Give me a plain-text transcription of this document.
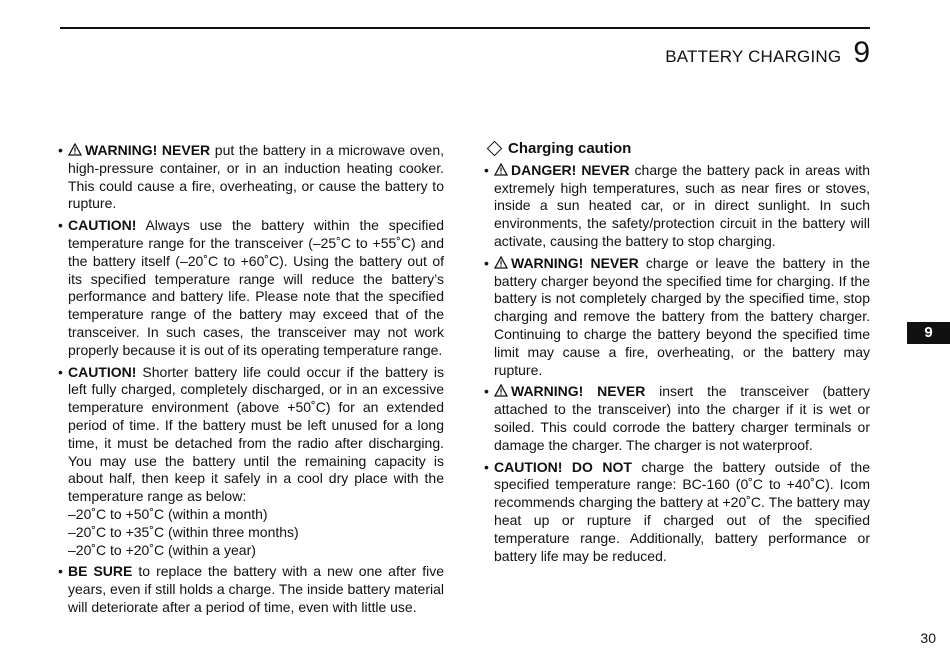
BATTERY CHARGING 9
• WARNING! NEVER put the battery in a microwave oven, high-pressure container, or in an induction heating cooker. This could cause a fire, overheating, or cause the battery to rupture.
• CAUTION! Always use the battery within the specified temperature range for the transceiver (–25˚C to +55˚C) and the battery itself (–20˚C to +60˚C). Using the battery out of its specified temperature range will reduce the battery’s performance and battery life. Please note that the specified temperature range of the battery may exceed that of the transceiver. In such cases, the transceiver may not work properly because it is out of its operating temperature range.
• CAUTION! Shorter battery life could occur if the battery is left fully charged, completely discharged, or in an excessive temperature environment (above +50˚C) for an extended period of time. If the battery must be left unused for a long time, it must be detached from the radio after discharging. You may use the battery until the remaining capacity is about half, then keep it safely in a cool dry place with the temperature range as below:
–20˚C to +50˚C (within a month)
–20˚C to +35˚C (within three months)
–20˚C to +20˚C (within a year)
• BE SURE to replace the battery with a new one after five years, even if still holds a charge. The inside battery material will deteriorate after a period of time, even with little use.
Charging caution
• DANGER! NEVER charge the battery pack in areas with extremely high temperatures, such as near fires or stoves, inside a sun heated car, or in direct sunlight. In such environments, the safety/protection circuit in the battery will activate, causing the battery to stop charging.
• WARNING! NEVER charge or leave the battery in the battery charger beyond the specified time for charging. If the battery is not completely charged by the specified time, stop charging and remove the battery from the battery charger. Continuing to charge the battery beyond the specified time limit may cause a fire, overheating, or the battery may rupture.
• WARNING! NEVER insert the transceiver (battery attached to the transceiver) into the charger if it is wet or soiled. This could corrode the battery charger terminals or damage the charger. The charger is not waterproof.
• CAUTION! DO NOT charge the battery outside of the specified temperature range: BC-160 (0˚C to +40˚C). Icom recommends charging the battery at +20˚C. The battery may heat up or rupture if charged out of the specified temperature range. Additionally, battery performance or battery life may be reduced.
9
30
